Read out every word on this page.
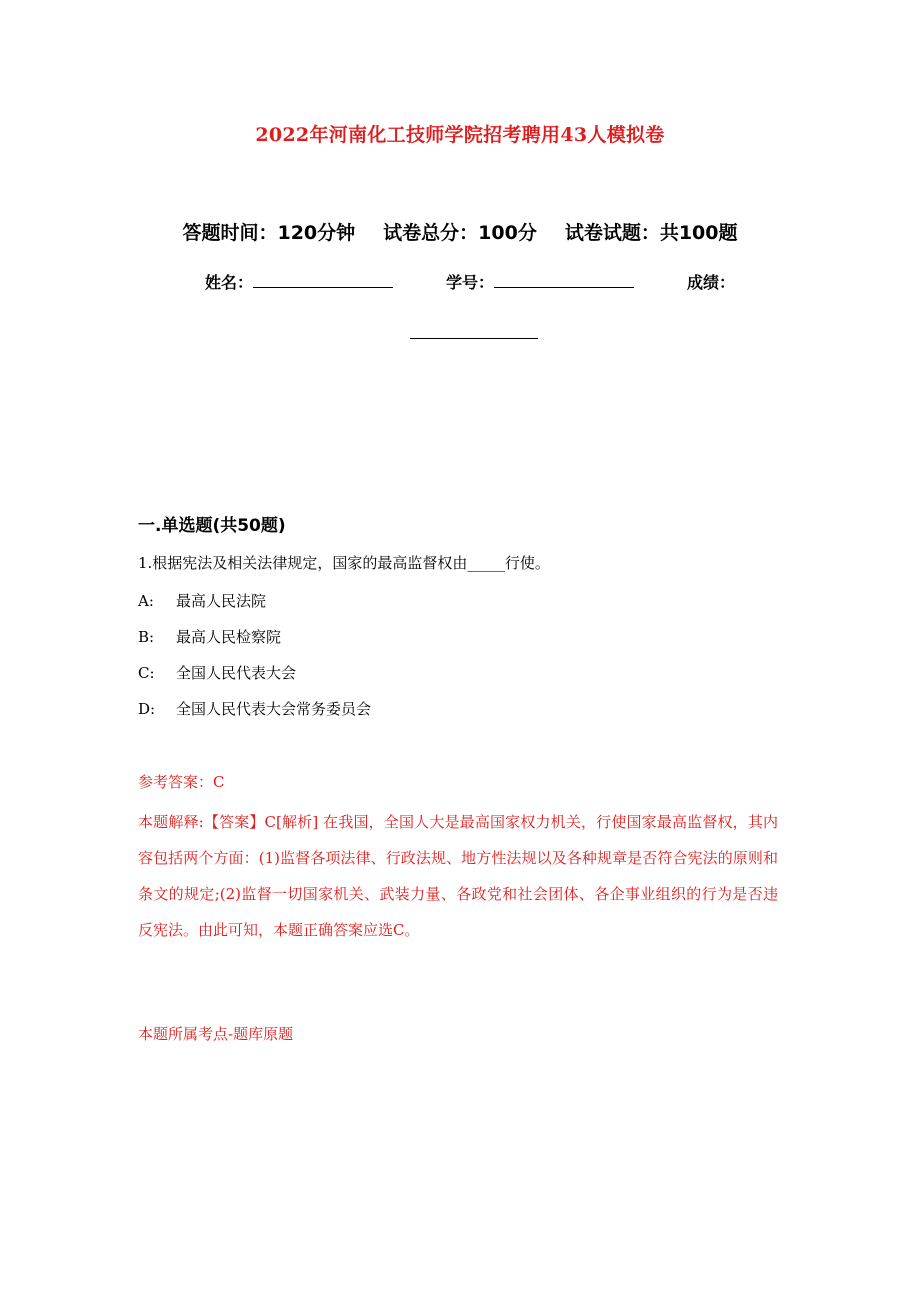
2022年河南化工技师学院招考聘用43人模拟卷
答题时间：120分钟 试卷总分：100分 试卷试题：共100题
姓名：	学号：	成绩：
一.单选题(共50题)
1.根据宪法及相关法律规定，国家的最高监督权由_____行使。
A: 最高人民法院
B: 最高人民检察院
C: 全国人民代表大会
D: 全国人民代表大会常务委员会
参考答案：C
本题解释:【答案】C[解析] 在我国，全国人大是最高国家权力机关，行使国家最高监督权，其内容包括两个方面：(1)监督各项法律、行政法规、地方性法规以及各种规章是否符合宪法的原则和条文的规定;(2)监督一切国家机关、武装力量、各政党和社会团体、各企事业组织的行为是否违反宪法。由此可知，本题正确答案应选C。
本题所属考点-题库原题
